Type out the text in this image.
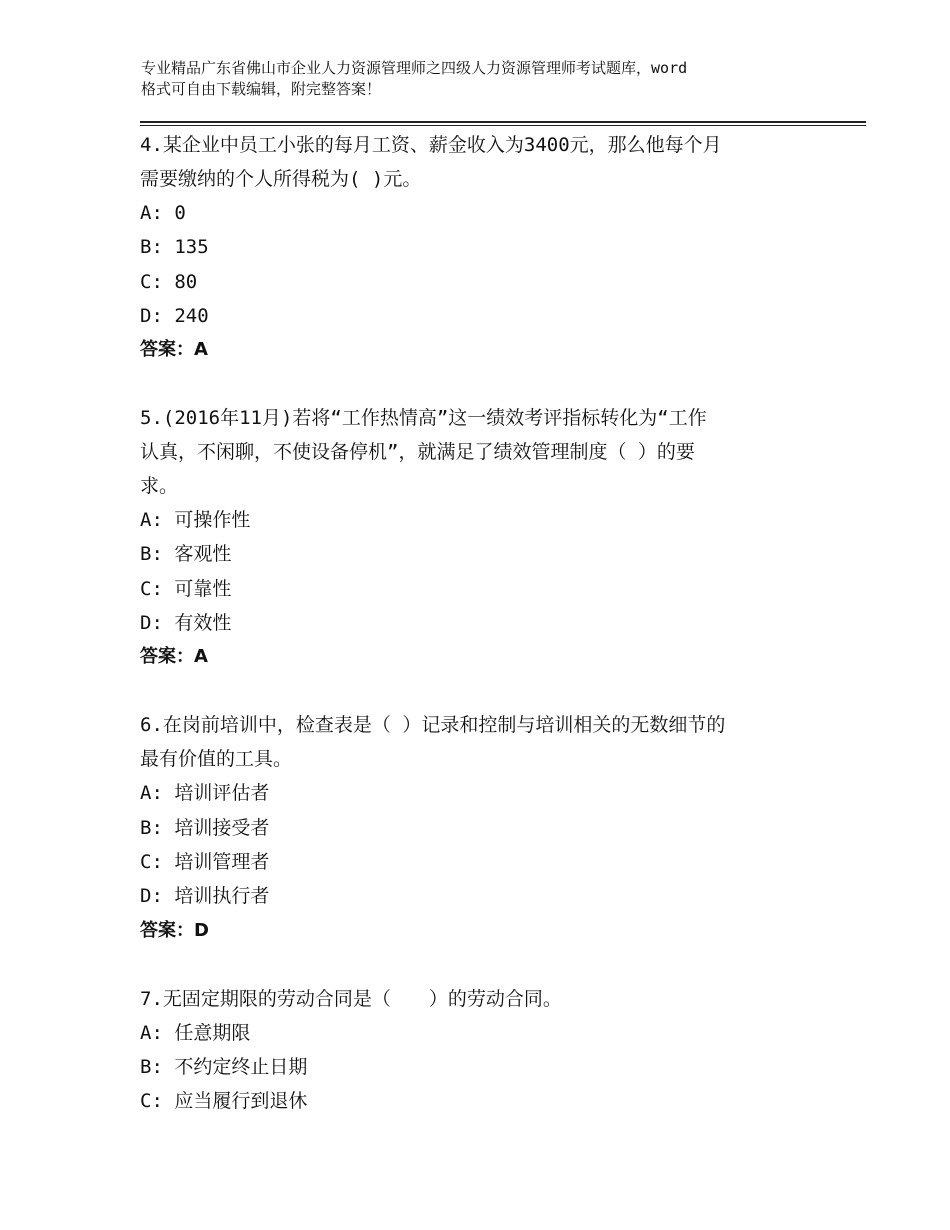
专业精品广东省佛山市企业人力资源管理师之四级人力资源管理师考试题库，word
格式可自由下载编辑，附完整答案！
4.某企业中员工小张的每月工资、薪金收入为3400元，那么他每个月
需要缴纳的个人所得税为( )元。
A: 0
B: 135
C: 80
D: 240
答案：A
5.(2016年11月)若将“工作热情高”这一绩效考评指标转化为“工作
认真，不闲聊，不使设备停机”，就满足了绩效管理制度（ ）的要
求。
A: 可操作性
B: 客观性
C: 可靠性
D: 有效性
答案：A
6.在岗前培训中，检查表是（ ）记录和控制与培训相关的无数细节的
最有价值的工具。
A: 培训评估者
B: 培训接受者
C: 培训管理者
D: 培训执行者
答案：D
7.无固定期限的劳动合同是（　　）的劳动合同。
A: 任意期限
B: 不约定终止日期
C: 应当履行到退休
